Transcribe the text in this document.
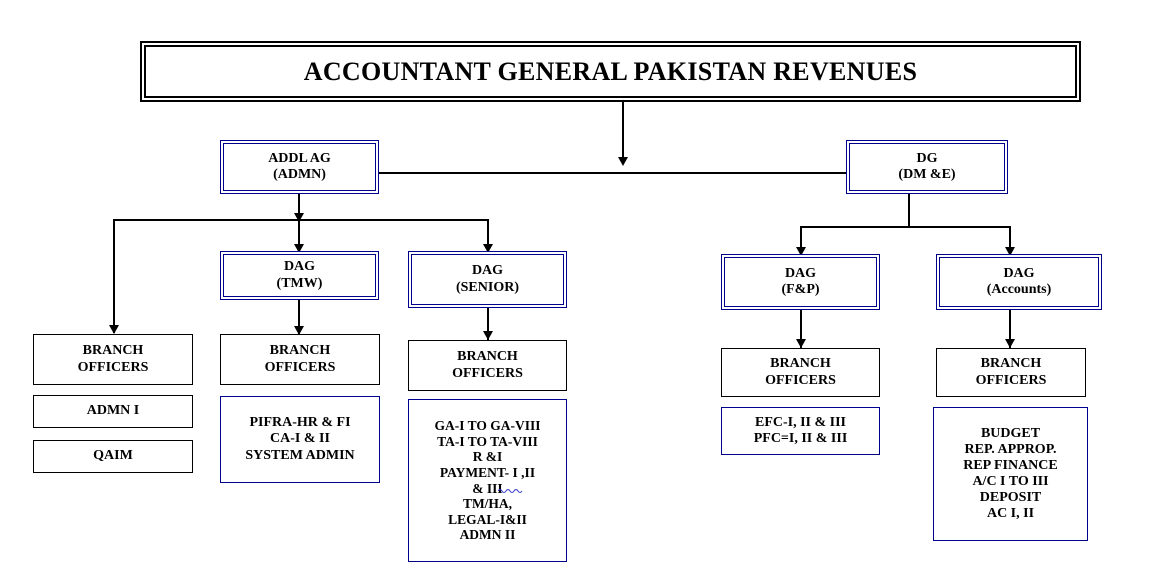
ACCOUNTANT GENERAL PAKISTAN REVENUES
ADDL AG
(ADMN)
DG
(DM &E)
DAG
(TMW)
DAG
(SENIOR)
DAG
(F&P)
DAG
(Accounts)
BRANCH
OFFICERS
ADMN I
QAIM
BRANCH
OFFICERS
PIFRA-HR & FI
CA-I & II
SYSTEM ADMIN
BRANCH
OFFICERS
GA-I TO GA-VIII
TA-I TO TA-VIII
R &I
PAYMENT- I ,II
& III
TM/HA,
LEGAL-I&II
ADMN II
BRANCH
OFFICERS
EFC-I, II & III
PFC=I, II & III
BRANCH
OFFICERS
BUDGET
REP. APPROP.
REP FINANCE
A/C I TO III
DEPOSIT
AC I, II
